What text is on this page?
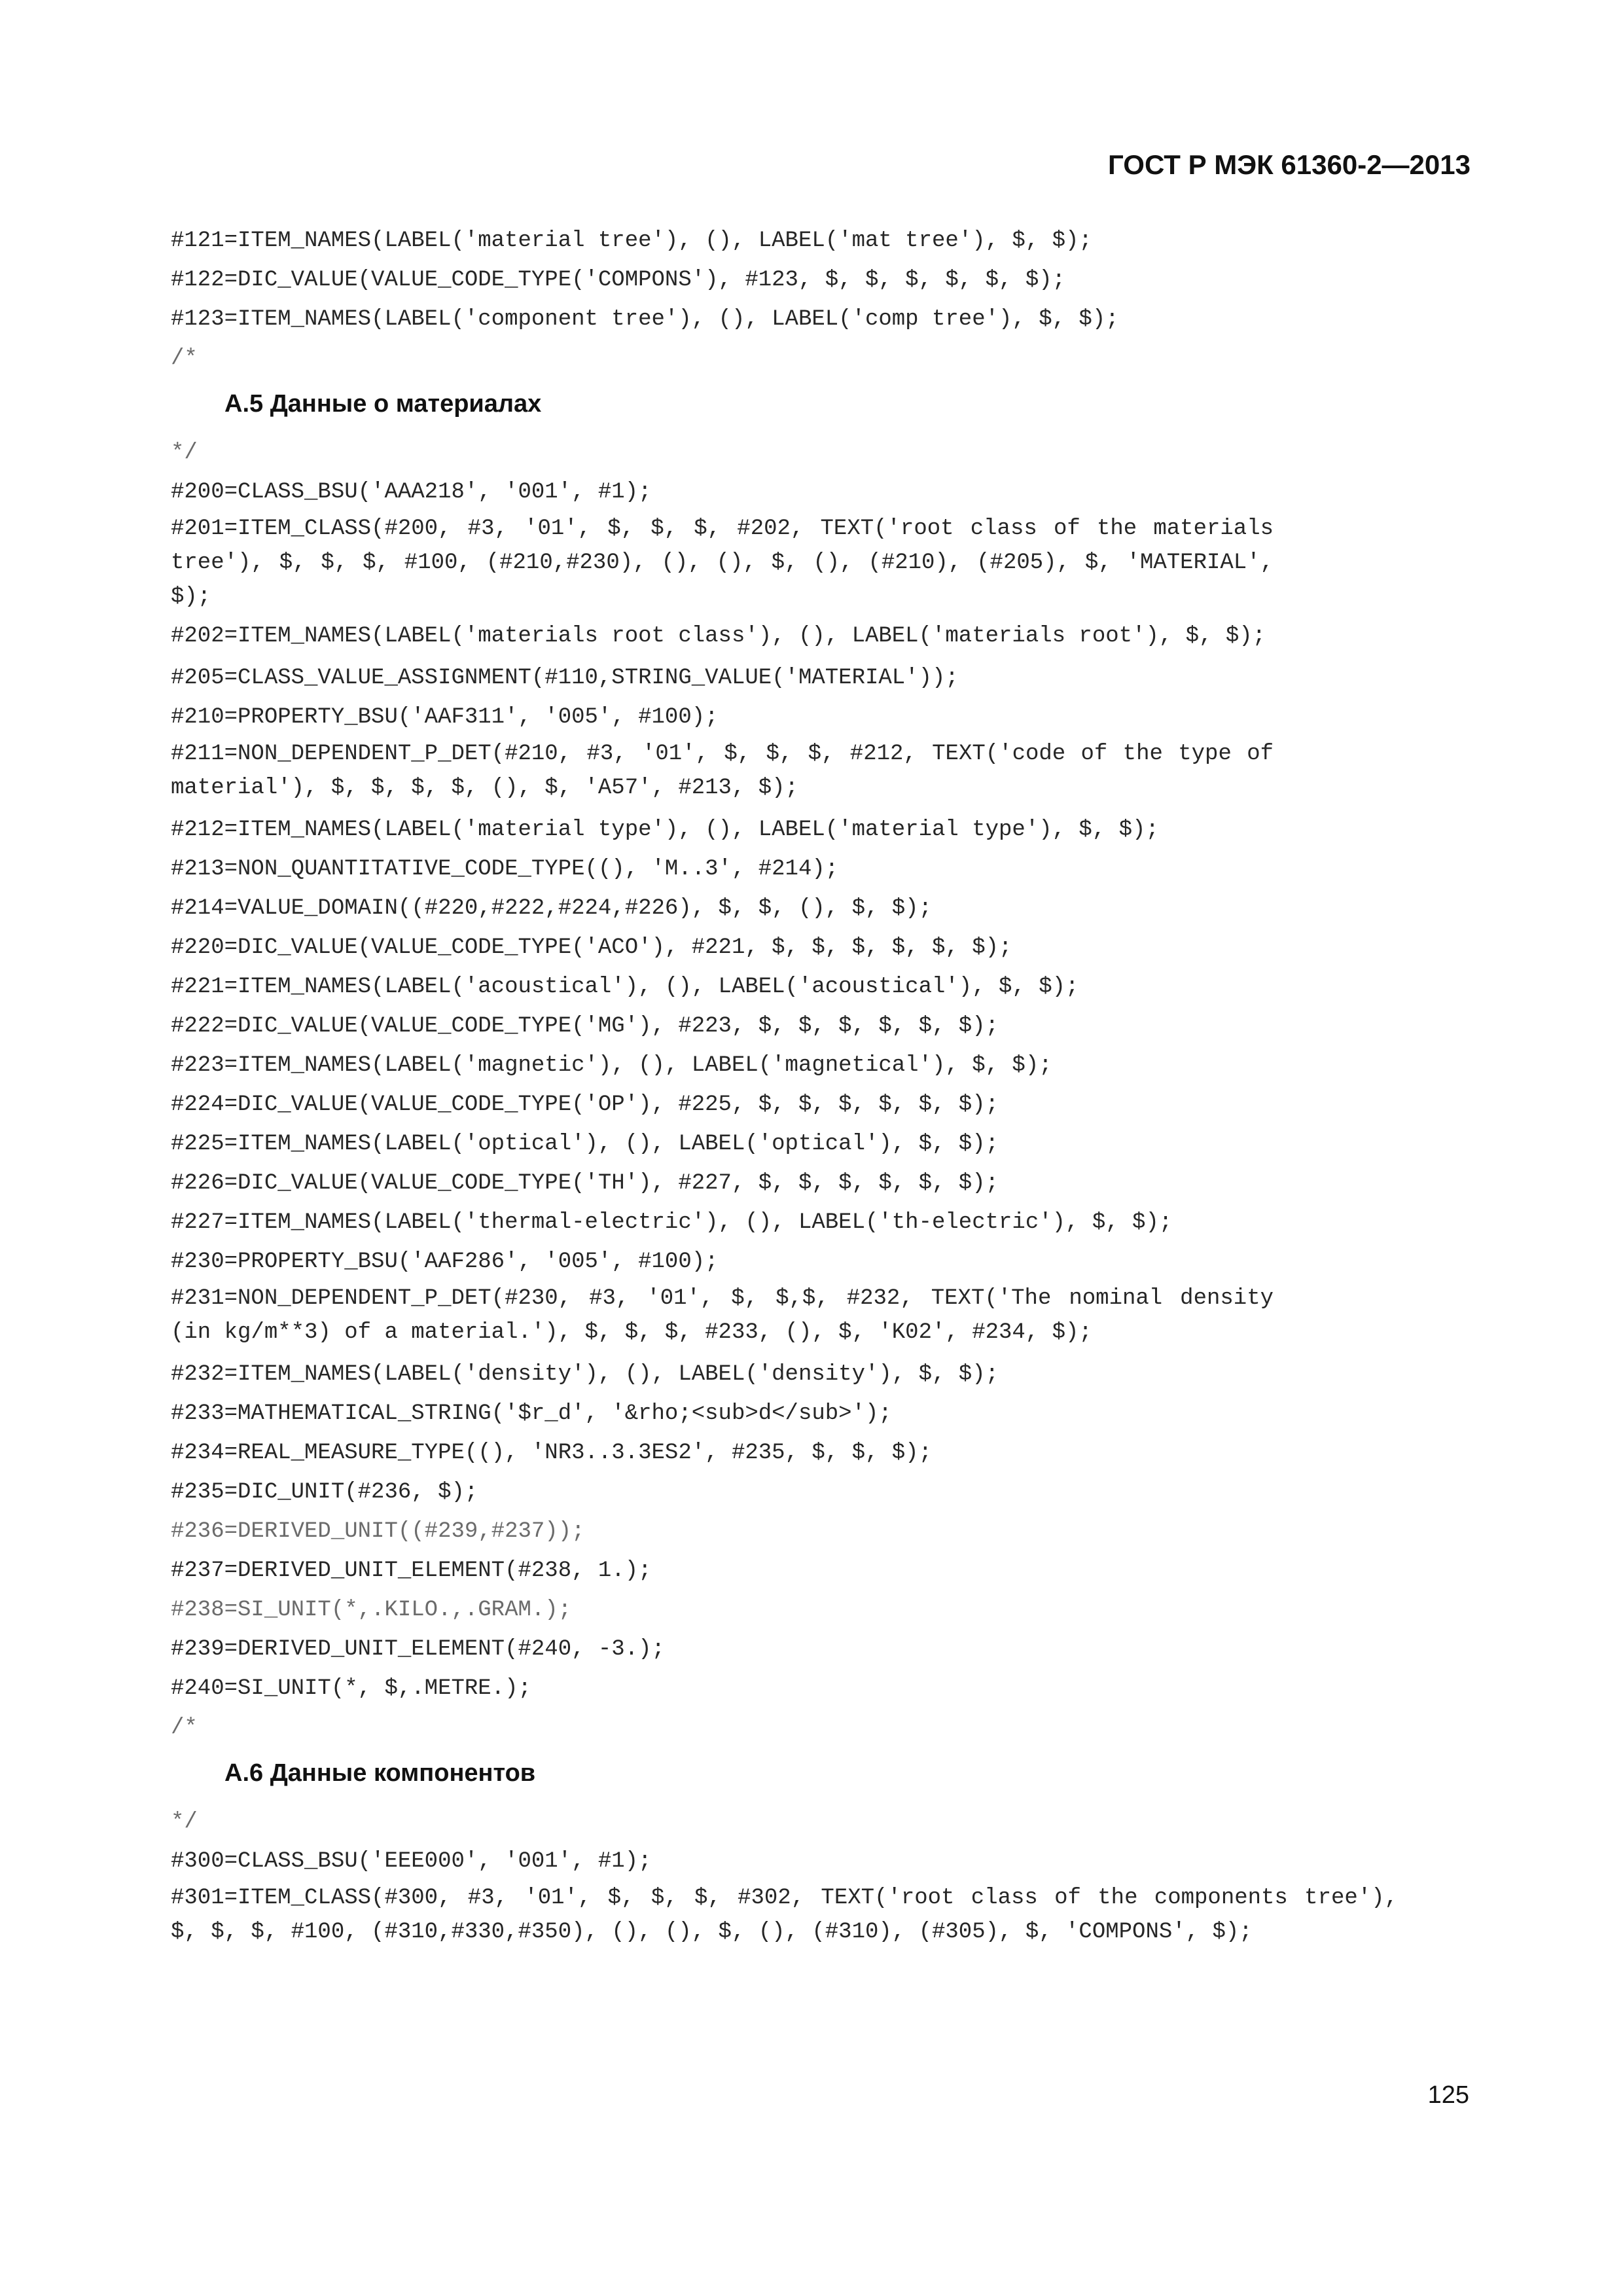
ГОСТ Р МЭК 61360-2—2013
#121=ITEM_NAMES(LABEL('material tree'), (), LABEL('mat tree'), $, $);
#122=DIC_VALUE(VALUE_CODE_TYPE('COMPONS'), #123, $, $, $, $, $, $);
#123=ITEM_NAMES(LABEL('component tree'), (), LABEL('comp tree'), $, $);
/*
А.5 Данные о материалах
*/
#200=CLASS_BSU('AAA218', '001', #1);
#201=ITEM_CLASS(#200, #3, '01', $, $, $, #202, TEXT('root class of the materials tree'), $, $, $, #100, (#210,#230), (), (), $, (), (#210), (#205), $, 'MATERIAL', $);
#202=ITEM_NAMES(LABEL('materials root class'), (), LABEL('materials root'), $, $);
#205=CLASS_VALUE_ASSIGNMENT(#110,STRING_VALUE('MATERIAL'));
#210=PROPERTY_BSU('AAF311', '005', #100);
#211=NON_DEPENDENT_P_DET(#210, #3, '01', $, $, $, #212, TEXT('code of the type of material'), $, $, $, $, (), $, 'A57', #213, $);
#212=ITEM_NAMES(LABEL('material type'), (), LABEL('material type'), $, $);
#213=NON_QUANTITATIVE_CODE_TYPE((), 'M..3', #214);
#214=VALUE_DOMAIN((#220,#222,#224,#226), $, $, (), $, $);
#220=DIC_VALUE(VALUE_CODE_TYPE('ACO'), #221, $, $, $, $, $, $);
#221=ITEM_NAMES(LABEL('acoustical'), (), LABEL('acoustical'), $, $);
#222=DIC_VALUE(VALUE_CODE_TYPE('MG'), #223, $, $, $, $, $, $);
#223=ITEM_NAMES(LABEL('magnetic'), (), LABEL('magnetical'), $, $);
#224=DIC_VALUE(VALUE_CODE_TYPE('OP'), #225, $, $, $, $, $, $);
#225=ITEM_NAMES(LABEL('optical'), (), LABEL('optical'), $, $);
#226=DIC_VALUE(VALUE_CODE_TYPE('TH'), #227, $, $, $, $, $, $);
#227=ITEM_NAMES(LABEL('thermal-electric'), (), LABEL('th-electric'), $, $);
#230=PROPERTY_BSU('AAF286', '005', #100);
#231=NON_DEPENDENT_P_DET(#230, #3, '01', $, $,$, #232, TEXT('The nominal density (in kg/m**3) of a material.'), $, $, $, #233, (), $, 'K02', #234, $);
#232=ITEM_NAMES(LABEL('density'), (), LABEL('density'), $, $);
#233=MATHEMATICAL_STRING('$r_d', '&rho;<sub>d</sub>');
#234=REAL_MEASURE_TYPE((), 'NR3..3.3ES2', #235, $, $, $);
#235=DIC_UNIT(#236, $);
#236=DERIVED_UNIT((#239,#237));
#237=DERIVED_UNIT_ELEMENT(#238, 1.);
#238=SI_UNIT(*,.KILO.,.GRAM.);
#239=DERIVED_UNIT_ELEMENT(#240, -3.);
#240=SI_UNIT(*, $,.METRE.);
/*
А.6 Данные компонентов
*/
#300=CLASS_BSU('EEE000', '001', #1);
#301=ITEM_CLASS(#300, #3, '01', $, $, $, #302, TEXT('root class of the components tree'), $, $, $, #100, (#310,#330,#350), (), (), $, (), (#310), (#305), $, 'COMPONS', $);
125
